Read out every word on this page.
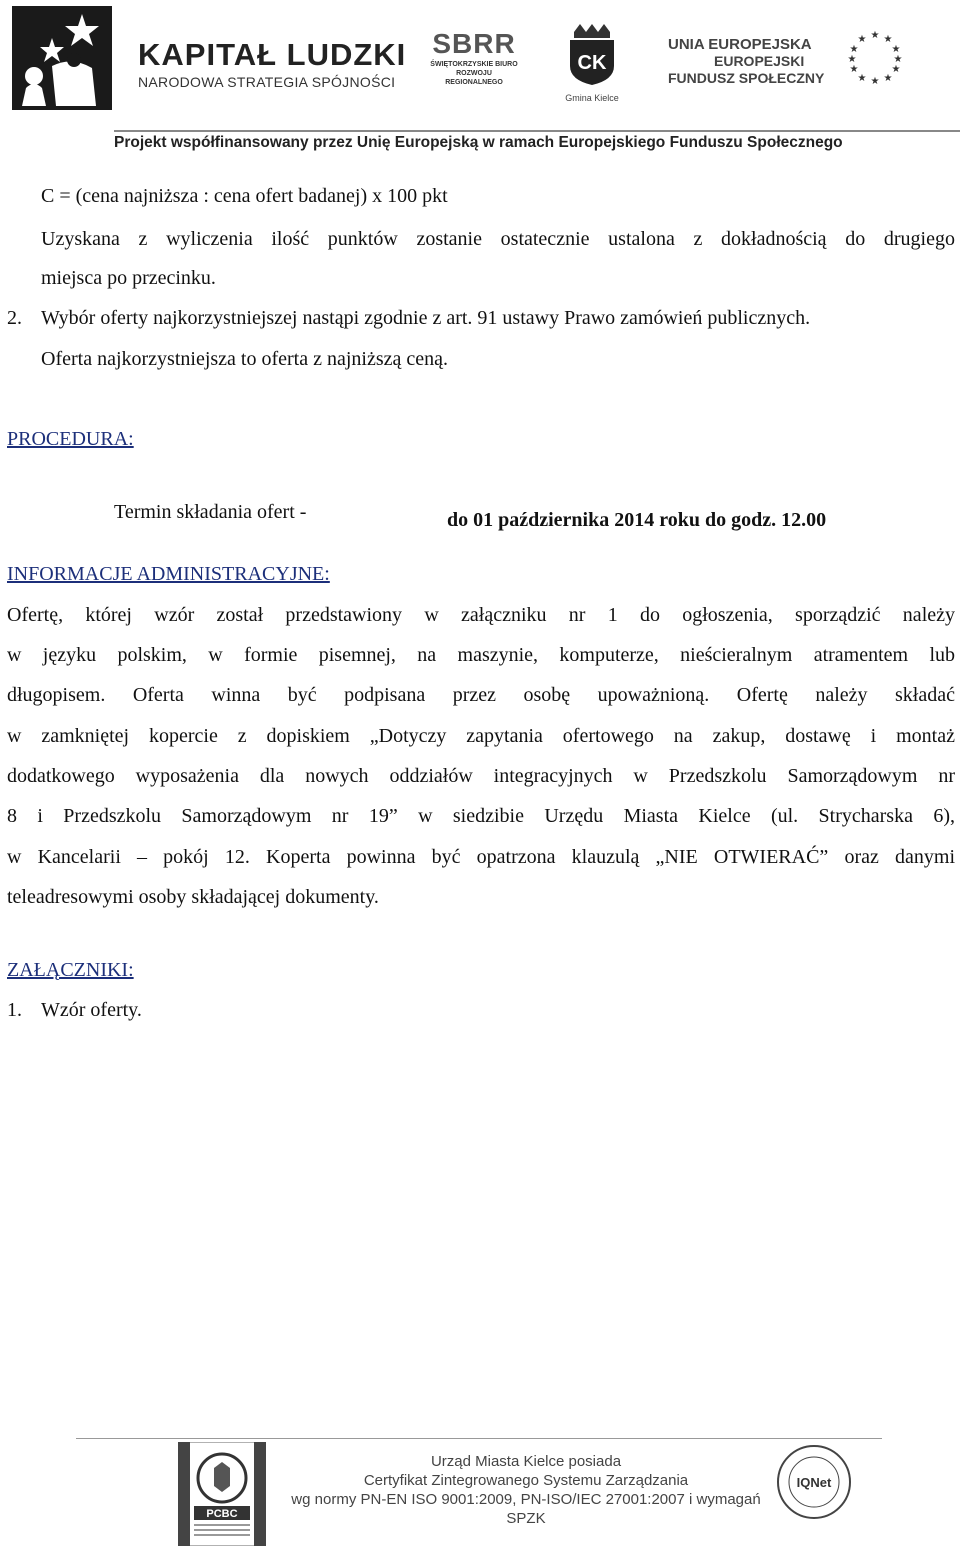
KAPITAŁ LUDZKI
NARODOWA STRATEGIA SPÓJNOŚCI
SBRR
ŚWIĘTOKRZYSKIE BIURO
ROZWOJU REGIONALNEGO
CK
Gmina Kielce
UNIA EUROPEJSKA
EUROPEJSKI
FUNDUSZ SPOŁECZNY
★ ★
★
★
★
★
★
★
★
★
★
★
Projekt współfinansowany przez Unię Europejską w ramach Europejskiego Funduszu Społecznego
C = (cena najniższa : cena ofert badanej) x 100 pkt
Uzyskana z wyliczenia ilość punktów zostanie ostatecznie ustalona z dokładnością do drugiego
miejsca po przecinku.
2. Wybór oferty najkorzystniejszej nastąpi zgodnie z art. 91 ustawy Prawo zamówień publicznych.
Oferta najkorzystniejsza to oferta z najniższą ceną.
PROCEDURA:
Termin składania ofert -	do 01 października 2014 roku do godz. 12.00
INFORMACJE ADMINISTRACYJNE:
Ofertę, której wzór został przedstawiony w załączniku nr 1 do ogłoszenia, sporządzić należy
w języku polskim, w formie pisemnej, na maszynie, komputerze, nieścieralnym atramentem lub
długopisem. Oferta winna być podpisana przez osobę upoważnioną. Ofertę należy składać
w zamkniętej kopercie z dopiskiem „Dotyczy zapytania ofertowego na zakup, dostawę i montaż
dodatkowego wyposażenia dla nowych oddziałów integracyjnych w Przedszkolu Samorządowym nr
8 i Przedszkolu Samorządowym nr 19” w siedzibie Urzędu Miasta Kielce (ul. Strycharska 6),
w Kancelarii – pokój 12. Koperta powinna być opatrzona klauzulą „NIE OTWIERAĆ” oraz danymi
teleadresowymi osoby składającej dokumenty.
ZAŁĄCZNIKI:
1. Wzór oferty.
PCBC
Urząd Miasta Kielce posiada
Certyfikat Zintegrowanego Systemu Zarządzania
wg normy PN-EN ISO 9001:2009, PN-ISO/IEC 27001:2007 i wymagań SPZK
IQNet
